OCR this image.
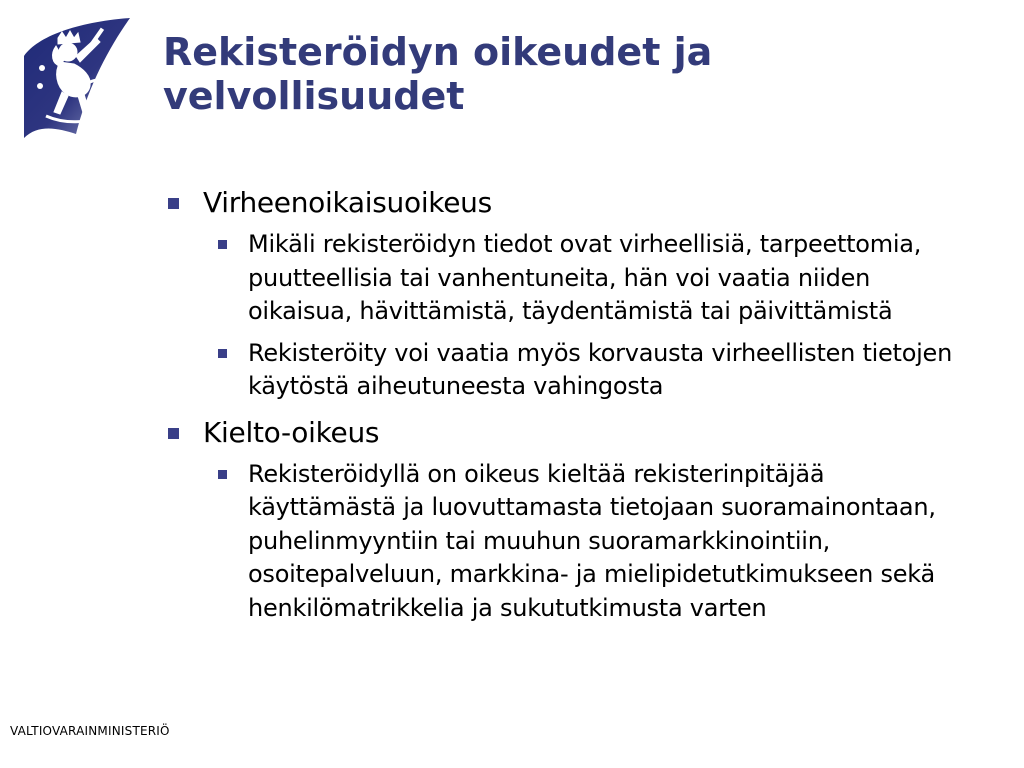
Rekisteröidyn oikeudet ja velvollisuudet
Virheenoikaisuoikeus
Mikäli rekisteröidyn tiedot ovat virheellisiä, tarpeettomia, puutteellisia tai vanhentuneita, hän voi vaatia niiden oikaisua, hävittämistä, täydentämistä tai päivittämistä
Rekisteröity voi vaatia myös korvausta virheellisten tietojen käytöstä aiheutuneesta vahingosta
Kielto-oikeus
Rekisteröidyllä on oikeus kieltää rekisterinpitäjää käyttämästä ja luovuttamasta tietojaan suoramainontaan, puhelinmyyntiin tai muuhun suoramarkkinointiin, osoitepalveluun, markkina- ja mielipidetutkimukseen sekä henkilömatrikkelia ja sukututkimusta varten

VALTIOVARAINMINISTERIÖ
